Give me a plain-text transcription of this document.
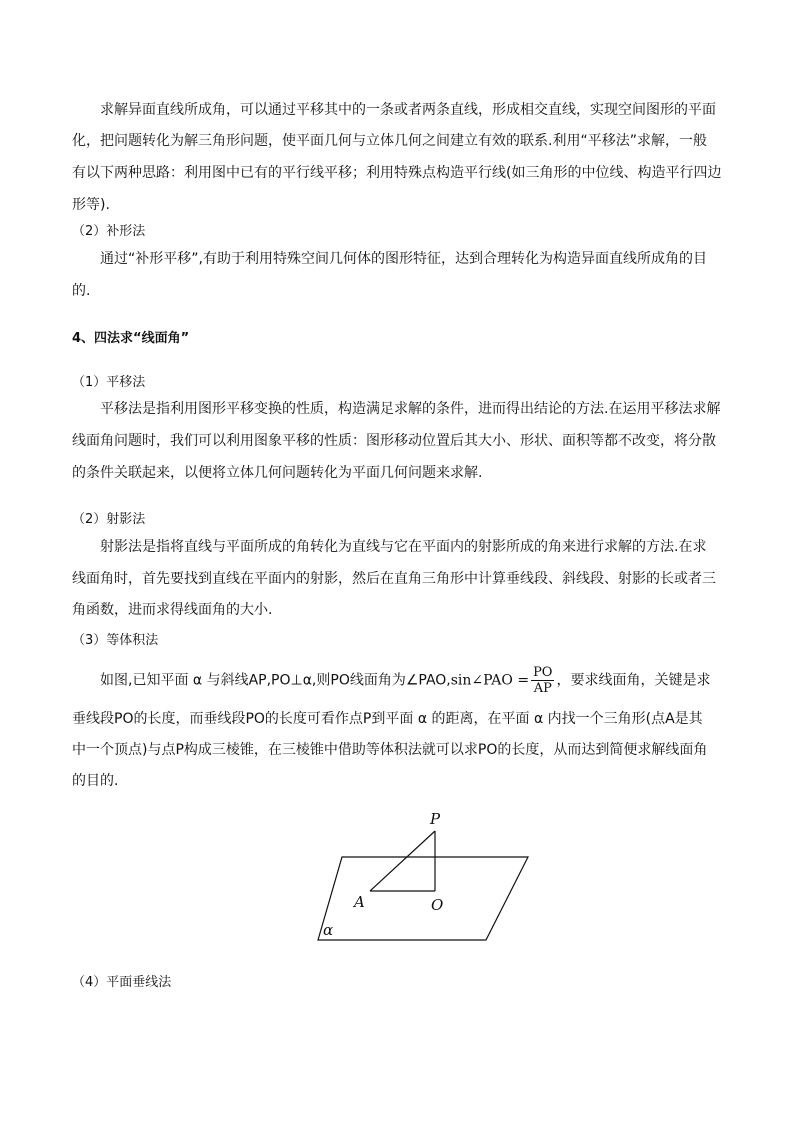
求解异面直线所成角，可以通过平移其中的一条或者两条直线，形成相交直线，实现空间图形的平面
化，把问题转化为解三角形问题，使平面几何与立体几何之间建立有效的联系.利用“平移法”求解，一般
有以下两种思路：利用图中已有的平行线平移；利用特殊点构造平行线(如三角形的中位线、构造平行四边
形等).
（2）补形法
通过“补形平移”,有助于利用特殊空间几何体的图形特征，达到合理转化为构造异面直线所成角的目
的.
4、四法求“线面角”
（1）平移法
平移法是指利用图形平移变换的性质，构造满足求解的条件，进而得出结论的方法.在运用平移法求解
线面角问题时，我们可以利用图象平移的性质：图形移动位置后其大小、形状、面积等都不改变，将分散
的条件关联起来，以便将立体几何问题转化为平面几何问题来求解.
（2）射影法
射影法是指将直线与平面所成的角转化为直线与它在平面内的射影所成的角来进行求解的方法.在求
线面角时，首先要找到直线在平面内的射影，然后在直角三角形中计算垂线段、斜线段、射影的长或者三
角函数，进而求得线面角的大小.
（3）等体积法
如图,已知平面 α 与斜线AP,PO⊥α,则PO线面角为∠PAO,sin∠PAO = $\frac{PO}{AP}$ ，要求线面角，关键是求
垂线段PO的长度，而垂线段PO的长度可看作点P到平面 α 的距离，在平面 α 内找一个三角形(点A是其
中一个顶点)与点P构成三棱锥，在三棱锥中借助等体积法就可以求PO的长度，从而达到简便求解线面角
的目的.
P
A	O
α
（4）平面垂线法
